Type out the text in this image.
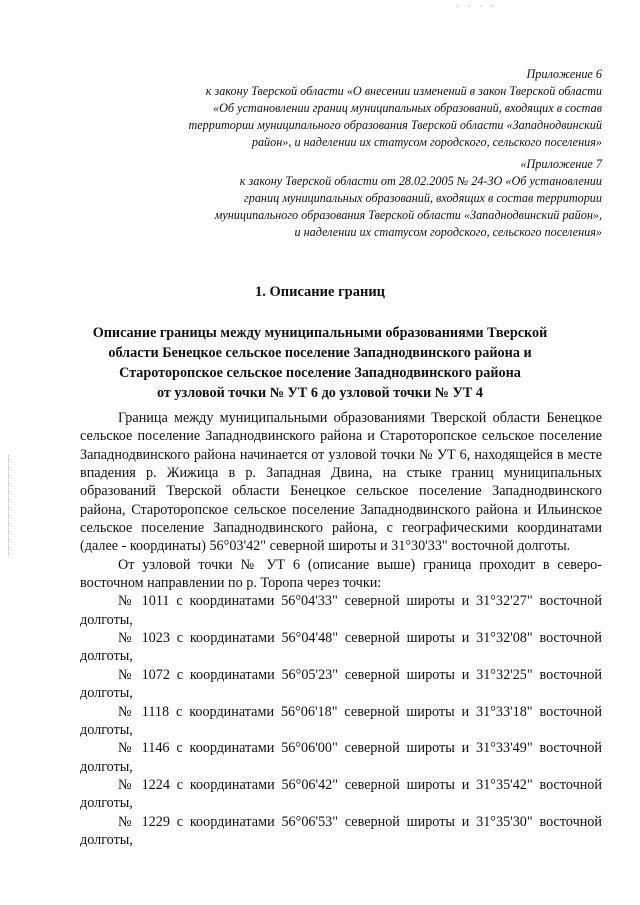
· · · ·
Приложение 6
к закону Тверской области «О внесении изменений в закон Тверской области
«Об установлении границ муниципальных образований, входящих в состав
территории муниципального образования Тверской области «Западнодвинский
район», и наделении их статусом городского, сельского поселения»
«Приложение 7
к закону Тверской области от 28.02.2005 № 24-ЗО «Об установлении
границ муниципальных образований, входящих в состав территории
муниципального образования Тверской области «Западнодвинский район»,
и наделении их статусом городского, сельского поселения»
1. Описание границ
Описание границы между муниципальными образованиями Тверской
области Бенецкое сельское поселение Западнодвинского района и
Староторопское сельское поселение Западнодвинского района
от узловой точки № УТ 6 до узловой точки № УТ 4

Граница между муниципальными образованиями Тверской области Бенецкое сельское поселение Западнодвинского района и Староторопское сельское поселение Западнодвинского района начинается от узловой точки № УТ 6, находящейся в месте впадения р. Жижица в р. Западная Двина, на стыке границ муниципальных образований Тверской области Бенецкое сельское поселение Западнодвинского района, Староторопское сельское поселение Западнодвинского района и Ильинское сельское поселение Западнодвинского района, с географическими координатами (далее - координаты) 56°03'42" северной широты и 31°30'33" восточной долготы.

От узловой точки № УТ 6 (описание выше) граница проходит в северо-восточном направлении по р. Торопа через точки:

№ 1011 с координатами 56°04'33" северной широты и 31°32'27" восточной долготы,

№ 1023 с координатами 56°04'48" северной широты и 31°32'08" восточной долготы,

№ 1072 с координатами 56°05'23" северной широты и 31°32'25" восточной долготы,

№ 1118 с координатами 56°06'18" северной широты и 31°33'18" восточной долготы,

№ 1146 с координатами 56°06'00" северной широты и 31°33'49" восточной долготы,

№ 1224 с координатами 56°06'42" северной широты и 31°35'42" восточной долготы,

№ 1229 с координатами 56°06'53" северной широты и 31°35'30" восточной долготы,
